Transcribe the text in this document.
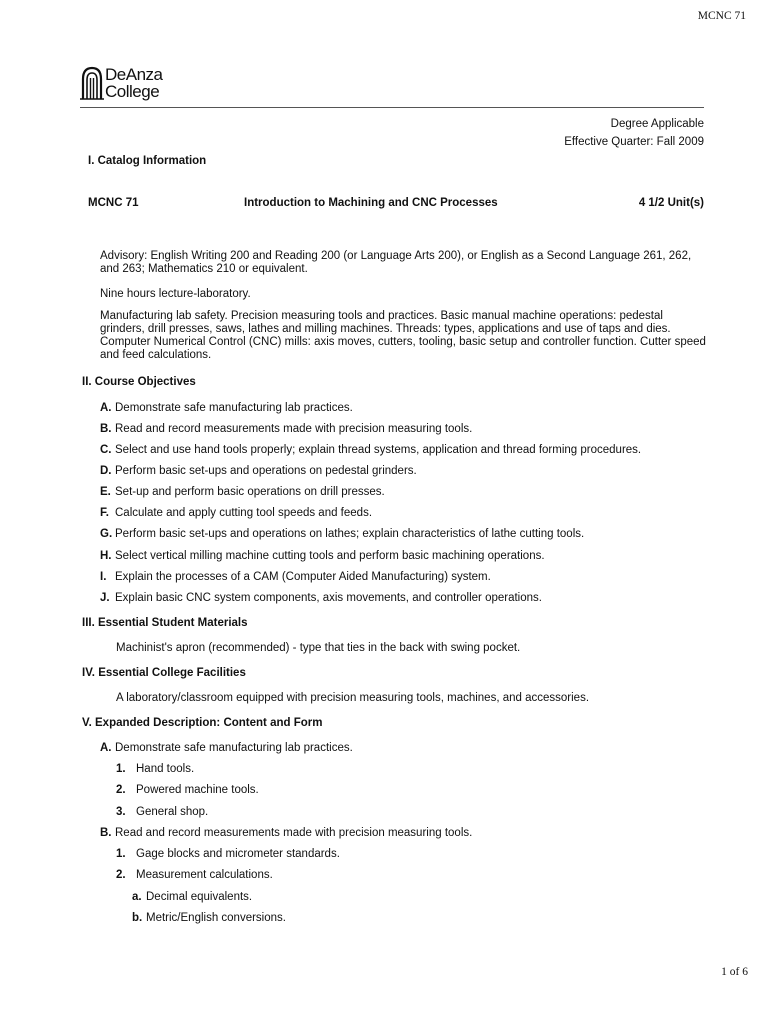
MCNC 71
DeAnza
College
Degree Applicable
Effective Quarter: Fall 2009
I. Catalog Information
MCNC 71	Introduction to Machining and CNC Processes	4 1/2 Unit(s)
Advisory: English Writing 200 and Reading 200 (or Language Arts 200), or English as a Second Language 261, 262, and 263; Mathematics 210 or equivalent.
Nine hours lecture-laboratory.
Manufacturing lab safety. Precision measuring tools and practices. Basic manual machine operations: pedestal grinders, drill presses, saws, lathes and milling machines. Threads: types, applications and use of taps and dies. Computer Numerical Control (CNC) mills: axis moves, cutters, tooling, basic setup and controller function. Cutter speed and feed calculations.
II. Course Objectives
A. Demonstrate safe manufacturing lab practices.
B. Read and record measurements made with precision measuring tools.
C. Select and use hand tools properly; explain thread systems, application and thread forming procedures.
D. Perform basic set-ups and operations on pedestal grinders.
E. Set-up and perform basic operations on drill presses.
F. Calculate and apply cutting tool speeds and feeds.
G. Perform basic set-ups and operations on lathes; explain characteristics of lathe cutting tools.
H. Select vertical milling machine cutting tools and perform basic machining operations.
I. Explain the processes of a CAM (Computer Aided Manufacturing) system.
J. Explain basic CNC system components, axis movements, and controller operations.
III. Essential Student Materials
Machinist's apron (recommended) - type that ties in the back with swing pocket.
IV. Essential College Facilities
A laboratory/classroom equipped with precision measuring tools, machines, and accessories.
V. Expanded Description: Content and Form
A. Demonstrate safe manufacturing lab practices.
1. Hand tools.
2. Powered machine tools.
3. General shop.
B. Read and record measurements made with precision measuring tools.
1. Gage blocks and micrometer standards.
2. Measurement calculations.
a. Decimal equivalents.
b. Metric/English conversions.
1 of 6
